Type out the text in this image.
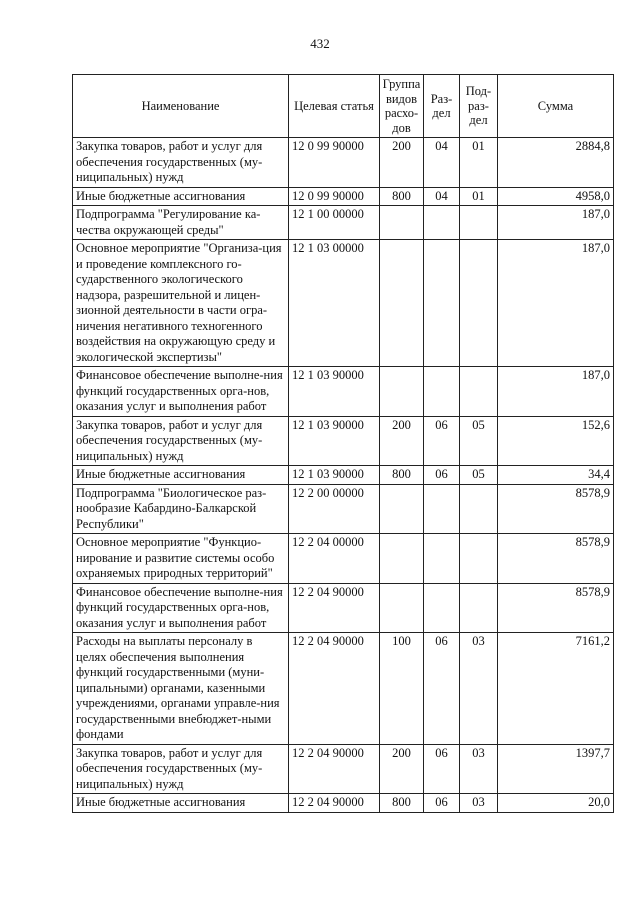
432
Наименование	Целевая статья	Группа видов расхо-дов	Раз-дел	Под-раз-дел	Сумма
Закупка товаров, работ и услуг для обеспечения государственных (му-ниципальных) нужд	12 0 99 90000	200	04	01	2884,8
Иные бюджетные ассигнования	12 0 99 90000	800	04	01	4958,0
Подпрограмма "Регулирование ка-чества окружающей среды"	12 1 00 00000				187,0
Основное мероприятие "Организа-ция и проведение комплексного го-сударственного экологического надзора, разрешительной и лицен-зионной деятельности в части огра-ничения негативного техногенного воздействия на окружающую среду и экологической экспертизы"	12 1 03 00000				187,0
Финансовое обеспечение выполне-ния функций государственных орга-нов, оказания услуг и выполнения работ	12 1 03 90000				187,0
Закупка товаров, работ и услуг для обеспечения государственных (му-ниципальных) нужд	12 1 03 90000	200	06	05	152,6
Иные бюджетные ассигнования	12 1 03 90000	800	06	05	34,4
Подпрограмма "Биологическое раз-нообразие Кабардино-Балкарской Республики"	12 2 00 00000				8578,9
Основное мероприятие "Функцио-нирование и развитие системы особо охраняемых природных территорий"	12 2 04 00000				8578,9
Финансовое обеспечение выполне-ния функций государственных орга-нов, оказания услуг и выполнения работ	12 2 04 90000				8578,9
Расходы на выплаты персоналу в целях обеспечения выполнения функций государственными (муни-ципальными) органами, казенными учреждениями, органами управле-ния государственными внебюджет-ными фондами	12 2 04 90000	100	06	03	7161,2
Закупка товаров, работ и услуг для обеспечения государственных (му-ниципальных) нужд	12 2 04 90000	200	06	03	1397,7
Иные бюджетные ассигнования	12 2 04 90000	800	06	03	20,0
